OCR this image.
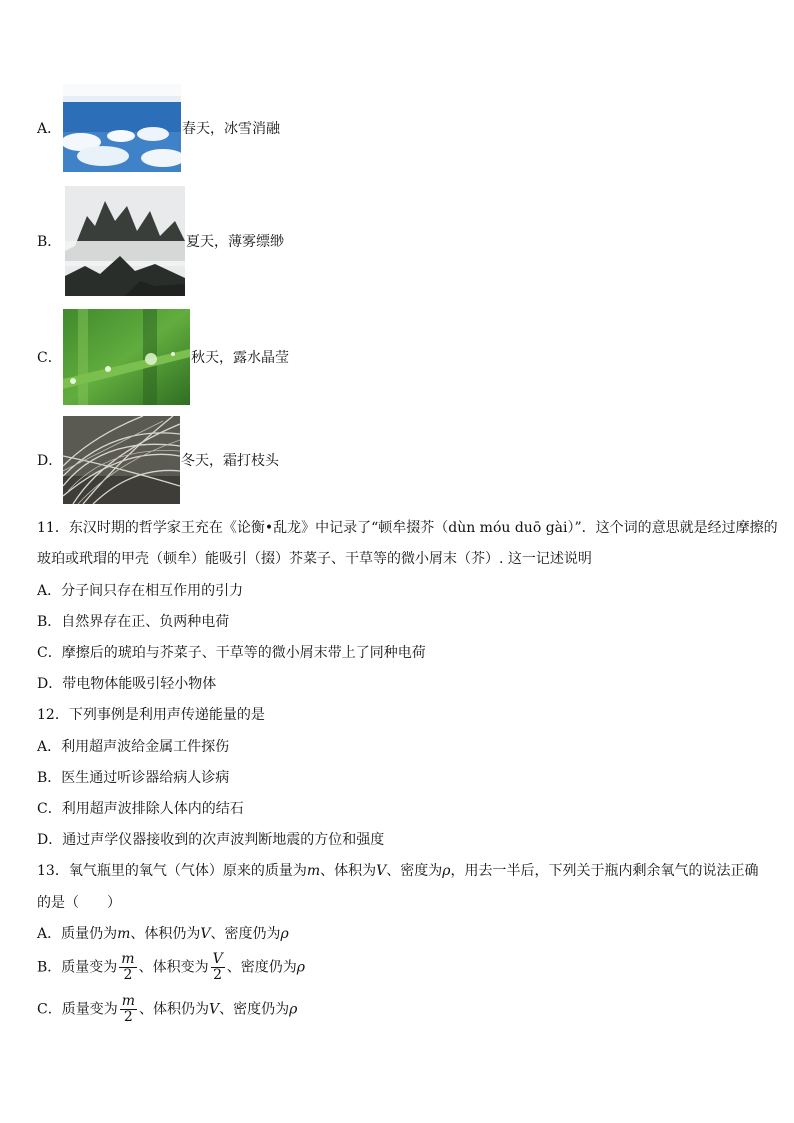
A．	春天，冰雪消融
B．	夏天，薄雾缥缈
C．	秋天，露水晶莹
D．	冬天，霜打枝头
11．东汉时期的哲学家王充在《论衡•乱龙》中记录了“顿牟掇芥（dùn móu duō gài）”．这个词的意思就是经过摩擦的
玻珀或玳瑁的甲壳（顿牟）能吸引（掇）芥菜子、干草等的微小屑末（芥）. 这一记述说明
A．分子间只存在相互作用的引力
B．自然界存在正、负两种电荷
C．摩擦后的琥珀与芥菜子、干草等的微小屑末带上了同种电荷
D．带电物体能吸引轻小物体
12．下列事例是利用声传递能量的是
A．利用超声波给金属工件探伤
B．医生通过听诊器给病人诊病
C．利用超声波排除人体内的结石
D．通过声学仪器接收到的次声波判断地震的方位和强度
13．氧气瓶里的氧气（气体）原来的质量为m、体积为V、密度为ρ，用去一半后，下列关于瓶内剩余氧气的说法正确
的是（　　）
A．质量仍为m、体积仍为V、密度仍为ρ
B．质量变为 $\frac{m}{2}$ 、体积变为 $\frac{V}{2}$ 、密度仍为ρ
C．质量变为 $\frac{m}{2}$ 、体积仍为V、密度仍为ρ
